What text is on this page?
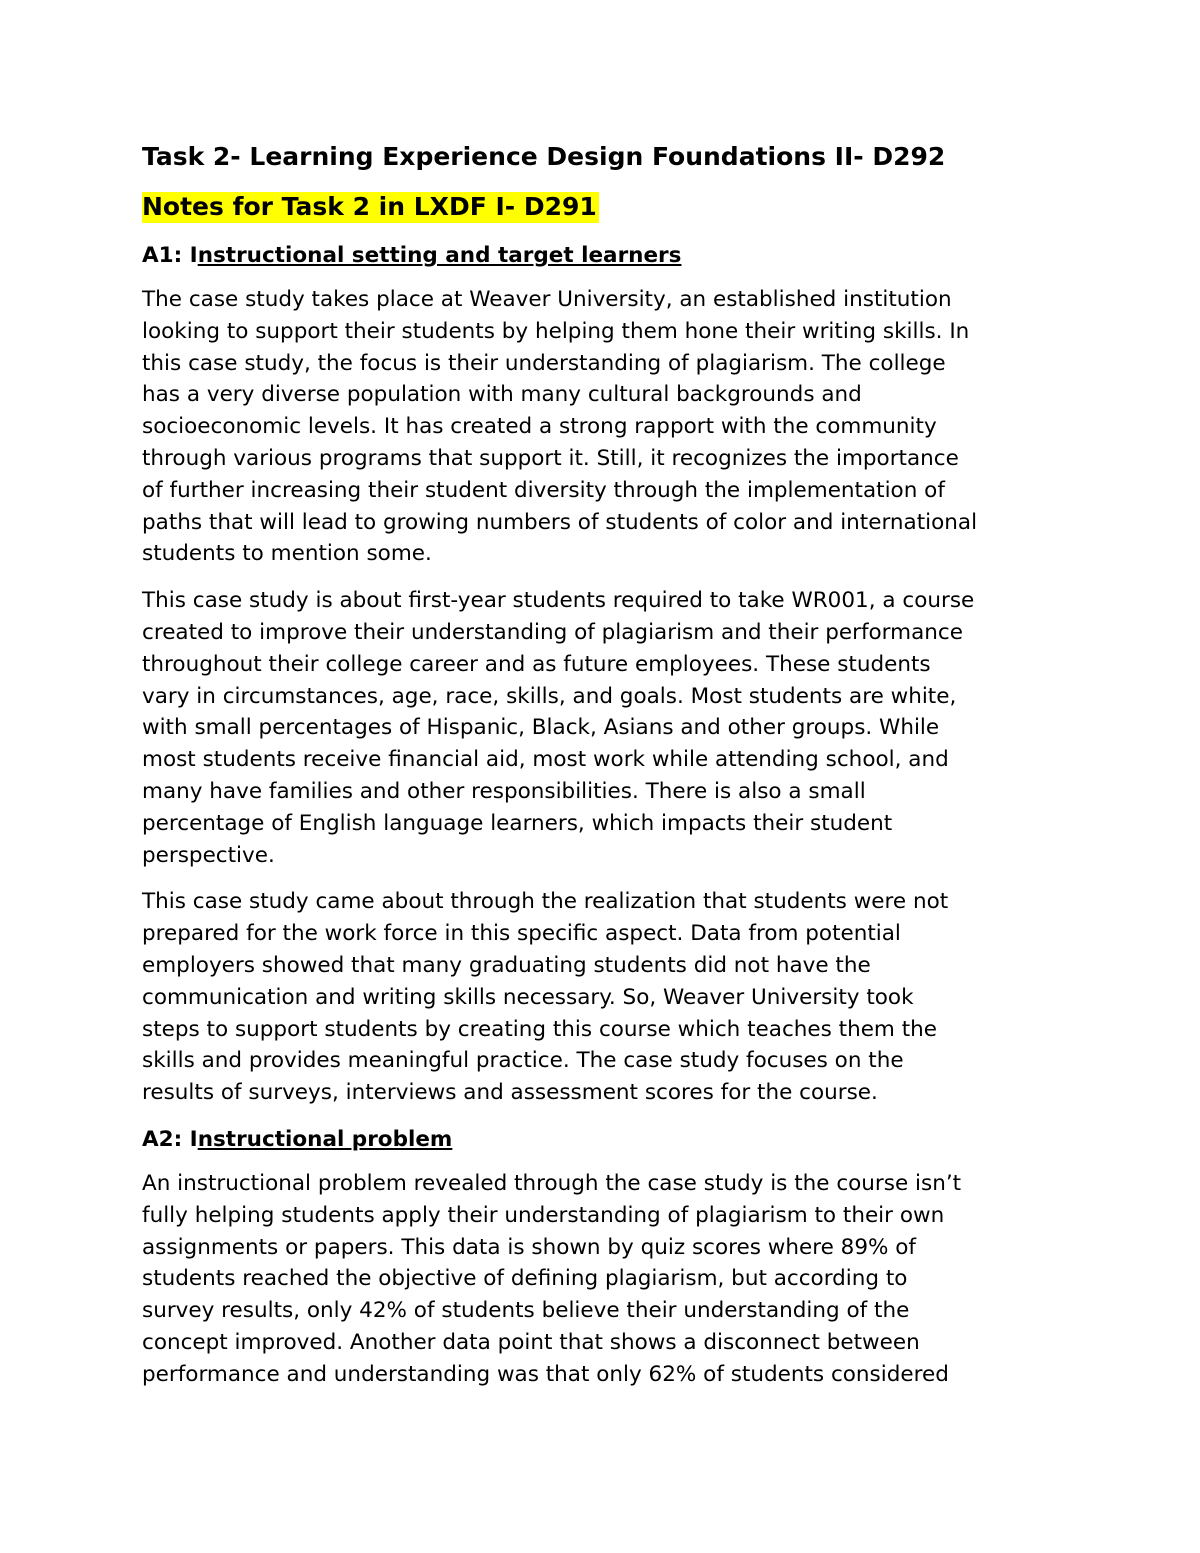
Task 2- Learning Experience Design Foundations II- D292
Notes for Task 2 in LXDF I- D291
A1: Instructional setting and target learners
The case study takes place at Weaver University, an established institution
looking to support their students by helping them hone their writing skills. In
this case study, the focus is their understanding of plagiarism. The college
has a very diverse population with many cultural backgrounds and
socioeconomic levels. It has created a strong rapport with the community
through various programs that support it. Still, it recognizes the importance
of further increasing their student diversity through the implementation of
paths that will lead to growing numbers of students of color and international
students to mention some.
This case study is about first-year students required to take WR001, a course
created to improve their understanding of plagiarism and their performance
throughout their college career and as future employees. These students
vary in circumstances, age, race, skills, and goals. Most students are white,
with small percentages of Hispanic, Black, Asians and other groups. While
most students receive financial aid, most work while attending school, and
many have families and other responsibilities. There is also a small
percentage of English language learners, which impacts their student
perspective.
This case study came about through the realization that students were not
prepared for the work force in this specific aspect. Data from potential
employers showed that many graduating students did not have the
communication and writing skills necessary. So, Weaver University took
steps to support students by creating this course which teaches them the
skills and provides meaningful practice. The case study focuses on the
results of surveys, interviews and assessment scores for the course.
A2: Instructional problem
An instructional problem revealed through the case study is the course isn’t
fully helping students apply their understanding of plagiarism to their own
assignments or papers. This data is shown by quiz scores where 89% of
students reached the objective of defining plagiarism, but according to
survey results, only 42% of students believe their understanding of the
concept improved. Another data point that shows a disconnect between
performance and understanding was that only 62% of students considered
